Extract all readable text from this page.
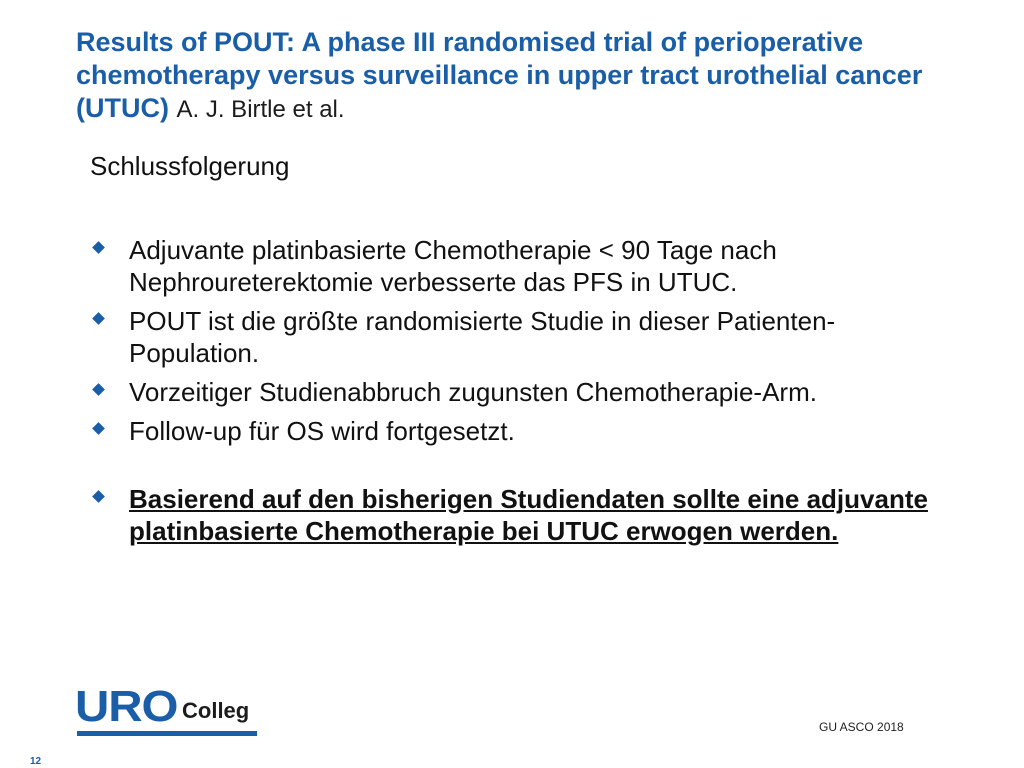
Results of POUT: A phase III randomised trial of perioperative chemotherapy versus surveillance in upper tract urothelial cancer (UTUC) A. J. Birtle et al.
Schlussfolgerung
Adjuvante platinbasierte Chemotherapie < 90 Tage nach Nephroureterektomie verbesserte das PFS in UTUC.
POUT ist die größte randomisierte Studie in dieser Patienten-Population.
Vorzeitiger Studienabbruch zugunsten Chemotherapie-Arm.
Follow-up für OS wird fortgesetzt.
Basierend auf den bisherigen Studiendaten sollte eine adjuvante platinbasierte Chemotherapie bei UTUC erwogen werden.
URO Colleg
GU ASCO 2018
12
